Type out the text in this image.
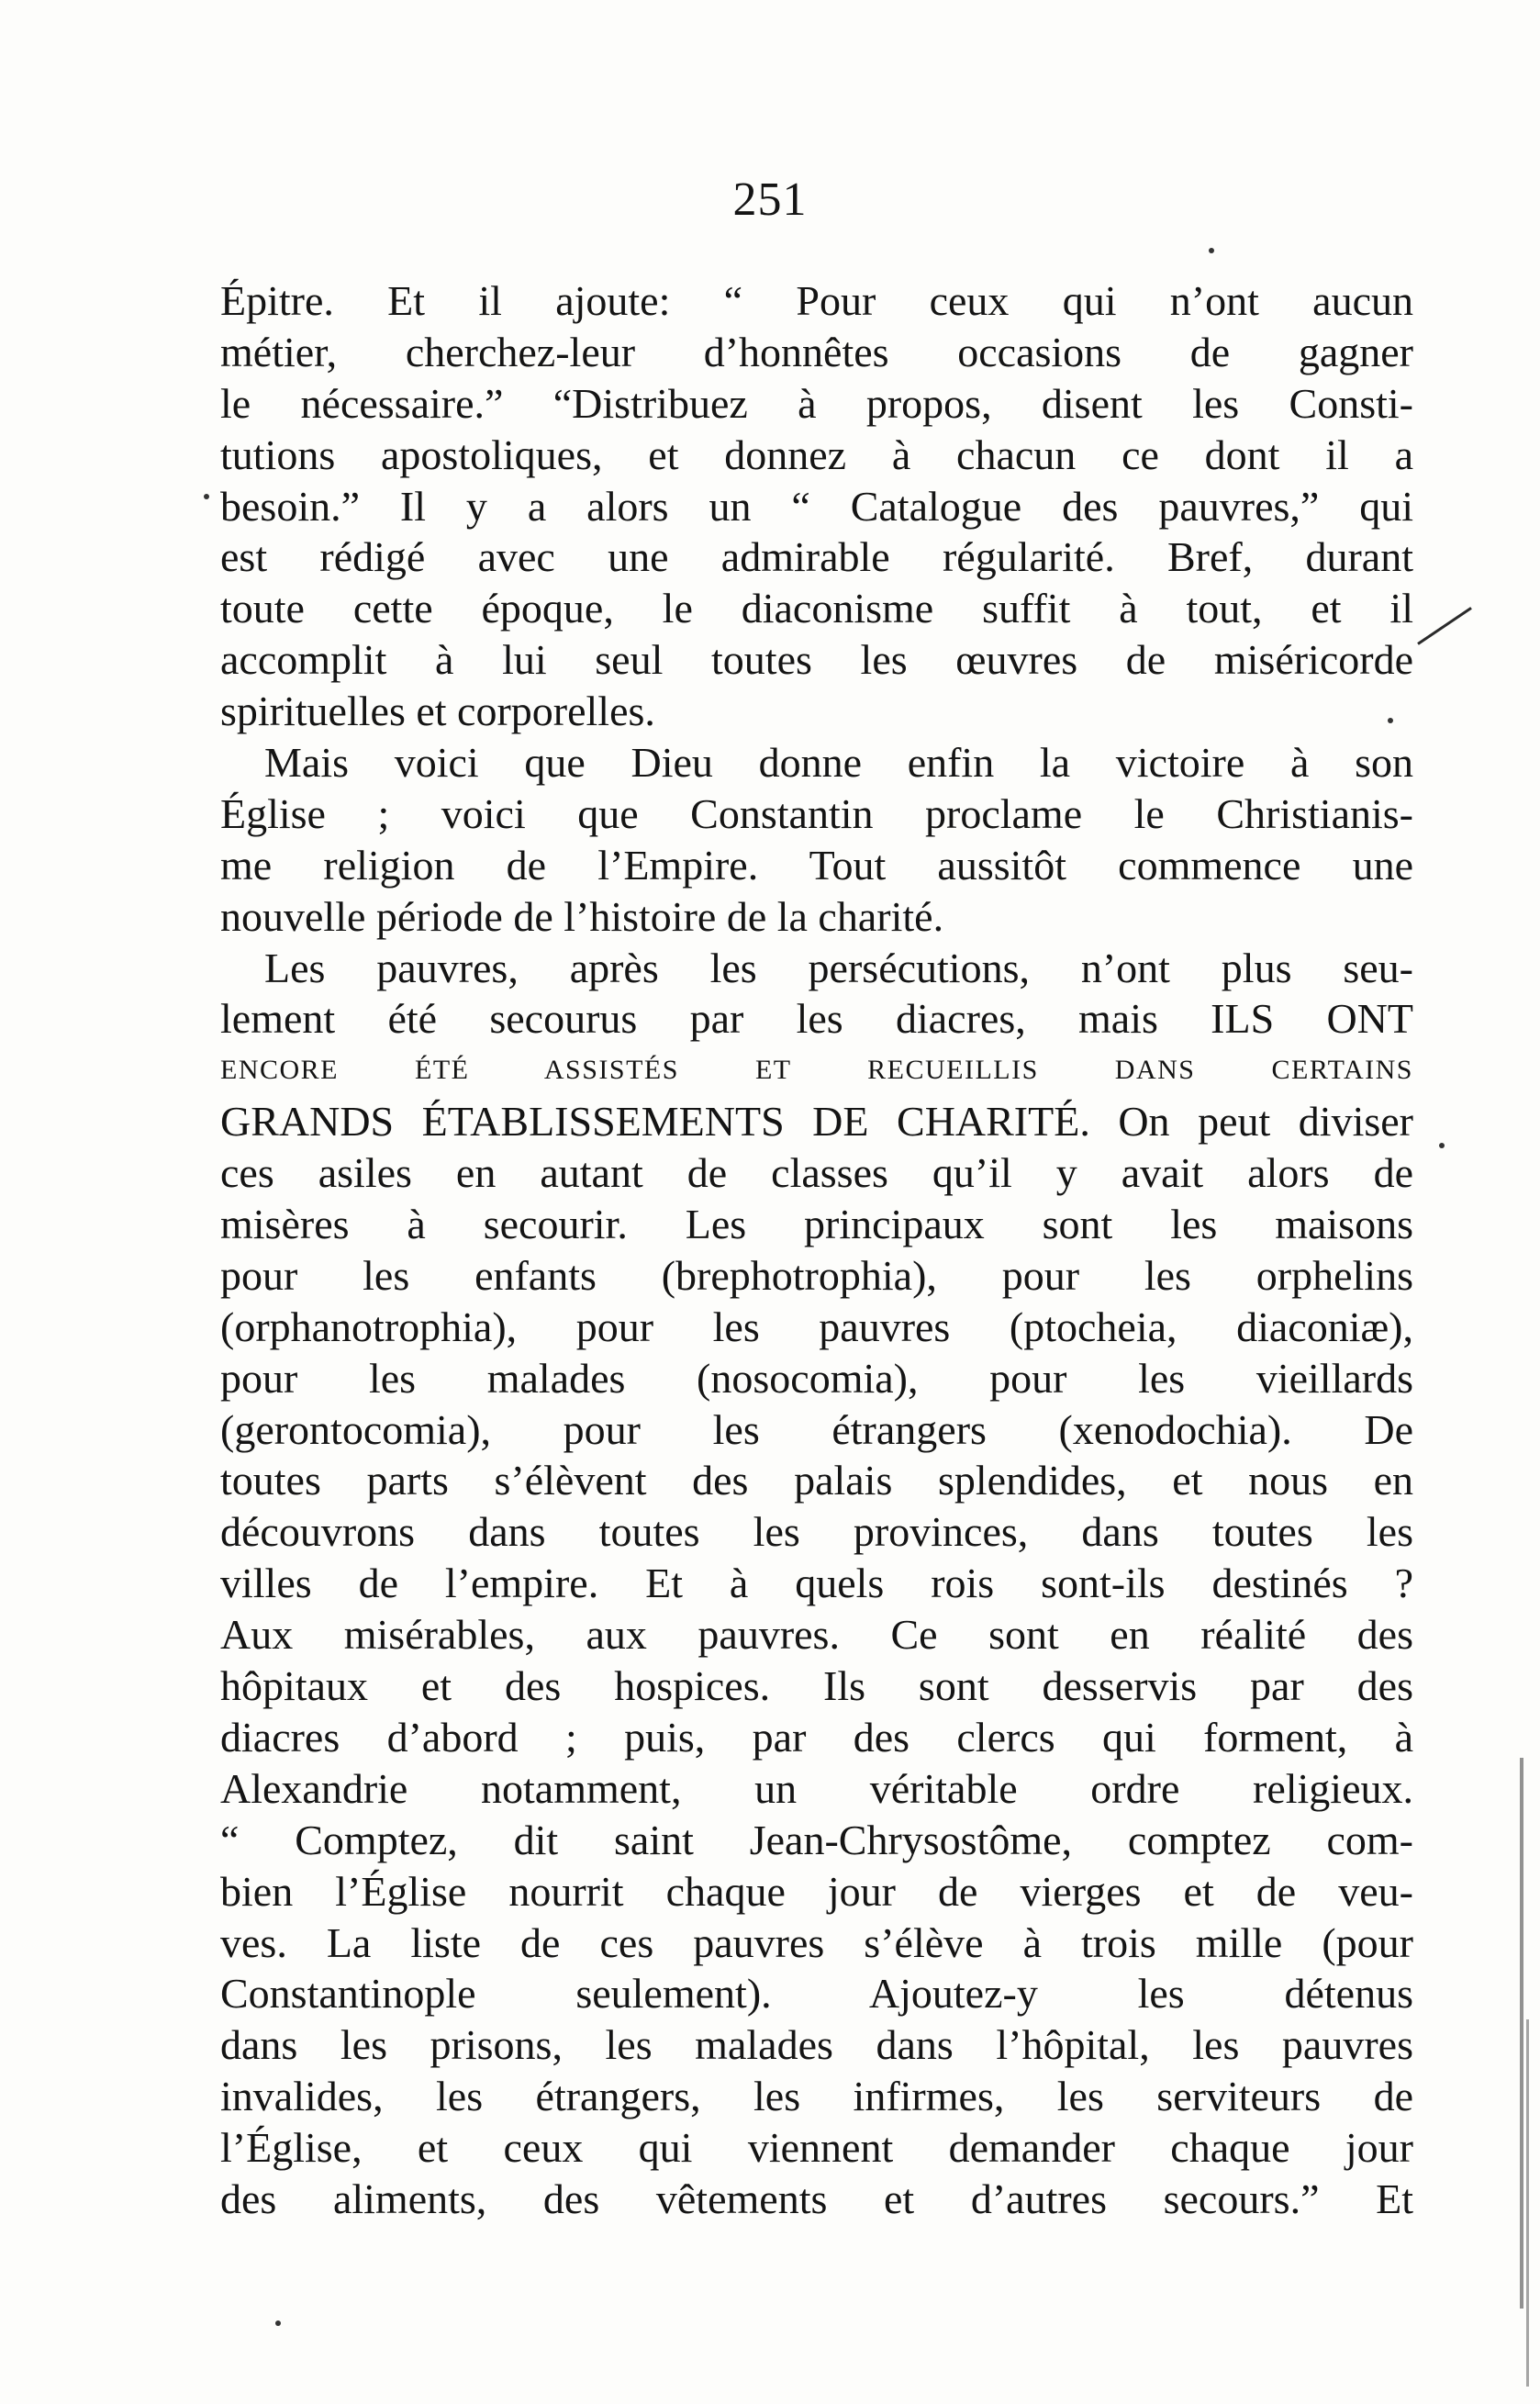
251
Épitre. Et il ajoute: “ Pour ceux qui n’ont aucun
métier, cherchez-leur d’honnêtes occasions de gagner
le nécessaire.” “Distribuez à propos, disent les Consti-
tutions apostoliques, et donnez à chacun ce dont il a
besoin.” Il y a alors un “ Catalogue des pauvres,” qui
est rédigé avec une admirable régularité. Bref, durant
toute cette époque, le diaconisme suffit à tout, et il
accomplit à lui seul toutes les œuvres de miséricorde
spirituelles et corporelles.
Mais voici que Dieu donne enfin la victoire à son
Église ; voici que Constantin proclame le Christianis-
me religion de l’Empire. Tout aussitôt commence une
nouvelle période de l’histoire de la charité.
Les pauvres, après les persécutions, n’ont plus seu-
lement été secourus par les diacres, mais ILS ONT
ENCORE ÉTÉ ASSISTÉS ET RECUEILLIS DANS CERTAINS
GRANDS ÉTABLISSEMENTS DE CHARITÉ. On peut diviser
ces asiles en autant de classes qu’il y avait alors de
misères à secourir. Les principaux sont les maisons
pour les enfants (brephotrophia), pour les orphelins
(orphanotrophia), pour les pauvres (ptocheia, diaconiæ),
pour les malades (nosocomia), pour les vieillards
(gerontocomia), pour les étrangers (xenodochia). De
toutes parts s’élèvent des palais splendides, et nous en
découvrons dans toutes les provinces, dans toutes les
villes de l’empire. Et à quels rois sont-ils destinés ?
Aux misérables, aux pauvres. Ce sont en réalité des
hôpitaux et des hospices. Ils sont desservis par des
diacres d’abord ; puis, par des clercs qui forment, à
Alexandrie notamment, un véritable ordre religieux.
“ Comptez, dit saint Jean-Chrysostôme, comptez com-
bien l’Église nourrit chaque jour de vierges et de veu-
ves. La liste de ces pauvres s’élève à trois mille (pour
Constantinople seulement). Ajoutez-y les détenus
dans les prisons, les malades dans l’hôpital, les pauvres
invalides, les étrangers, les infirmes, les serviteurs de
l’Église, et ceux qui viennent demander chaque jour
des aliments, des vêtements et d’autres secours.” Et
